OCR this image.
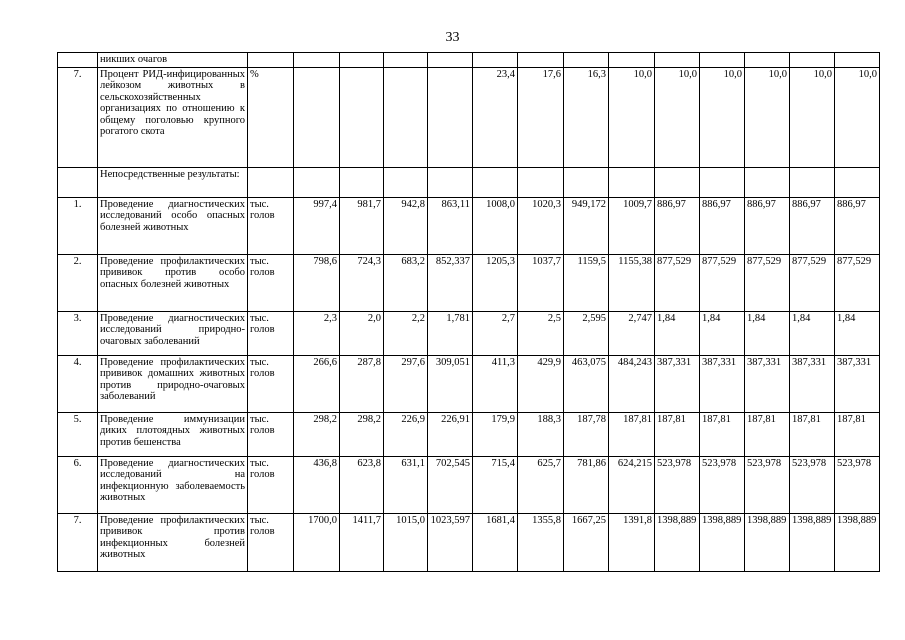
33
	никших очагов														
7.	Процент РИД-инфицированных лейкозом животных в сельскохозяйственных организациях по отношению к общему поголовью крупного рогатого скота	%					23,4	17,6	16,3	10,0	10,0	10,0	10,0	10,0	10,0
	Непосредственные результаты:														
1.	Проведение диагностических исследований особо опасных болезней животных	тыс. голов	997,4	981,7	942,8	863,11	1008,0	1020,3	949,172	1009,7	886,97	886,97	886,97	886,97	886,97
2.	Проведение профилактических прививок против особо опасных болезней животных	тыс. голов	798,6	724,3	683,2	852,337	1205,3	1037,7	1159,5	1155,38	877,529	877,529	877,529	877,529	877,529
3.	Проведение диагностических исследований природно-очаговых заболеваний	тыс. голов	2,3	2,0	2,2	1,781	2,7	2,5	2,595	2,747	1,84	1,84	1,84	1,84	1,84
4.	Проведение профилактических прививок домашних животных против природно-очаговых заболеваний	тыс. голов	266,6	287,8	297,6	309,051	411,3	429,9	463,075	484,243	387,331	387,331	387,331	387,331	387,331
5.	Проведение иммунизации диких плотоядных животных против бешенства	тыс. голов	298,2	298,2	226,9	226,91	179,9	188,3	187,78	187,81	187,81	187,81	187,81	187,81	187,81
6.	Проведение диагностических исследований на инфекционную заболеваемость животных	тыс. голов	436,8	623,8	631,1	702,545	715,4	625,7	781,86	624,215	523,978	523,978	523,978	523,978	523,978
7.	Проведение профилактических прививок против инфекционных болезней животных	тыс. голов	1700,0	1411,7	1015,0	1023,597	1681,4	1355,8	1667,25	1391,8	1398,889	1398,889	1398,889	1398,889	1398,889
